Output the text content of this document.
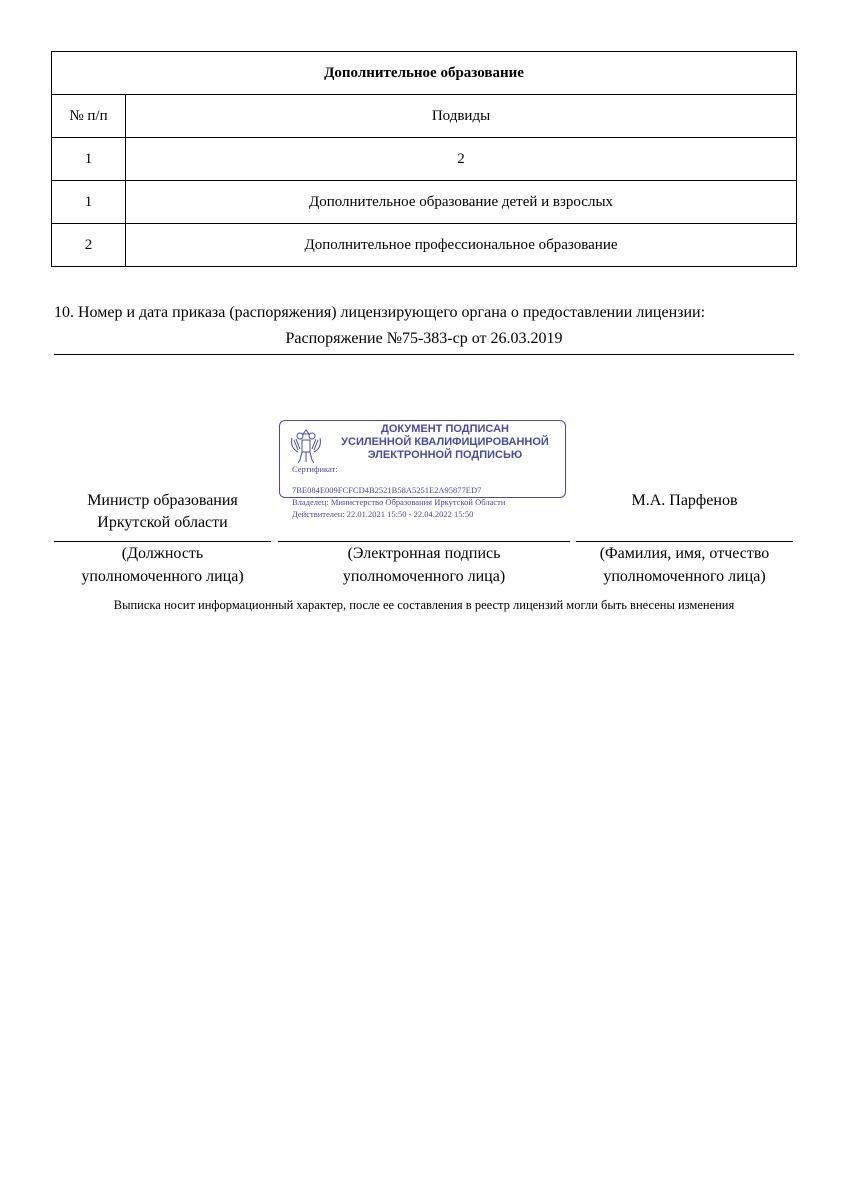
Дополнительное образование	
№ п/п	Подвиды
1	2
1	Дополнительное образование детей и взрослых
2	Дополнительное профессиональное образование
10. Номер и дата приказа (распоряжения) лицензирующего органа о предоставлении лицензии:
Распоряжение №75-383-ср от 26.03.2019
ДОКУМЕНТ ПОДПИСАН
УСИЛЕННОЙ КВАЛИФИЦИРОВАННОЙ
ЭЛЕКТРОННОЙ ПОДПИСЬЮ
Сертификат:
7BE084E009FCFCD4B2521B58A5251E2A95877ED7
Владелец: Министерство Образования Иркутской Области
Действителен: 22.01.2021 15:50 - 22.04.2022 15:50
Министр образования
Иркутской области
М.А. Парфенов
(Должность
уполномоченного лица)
(Электронная подпись
уполномоченного лица)
(Фамилия, имя, отчество
уполномоченного лица)
Выписка носит информационный характер, после ее составления в реестр лицензий могли быть внесены изменения
